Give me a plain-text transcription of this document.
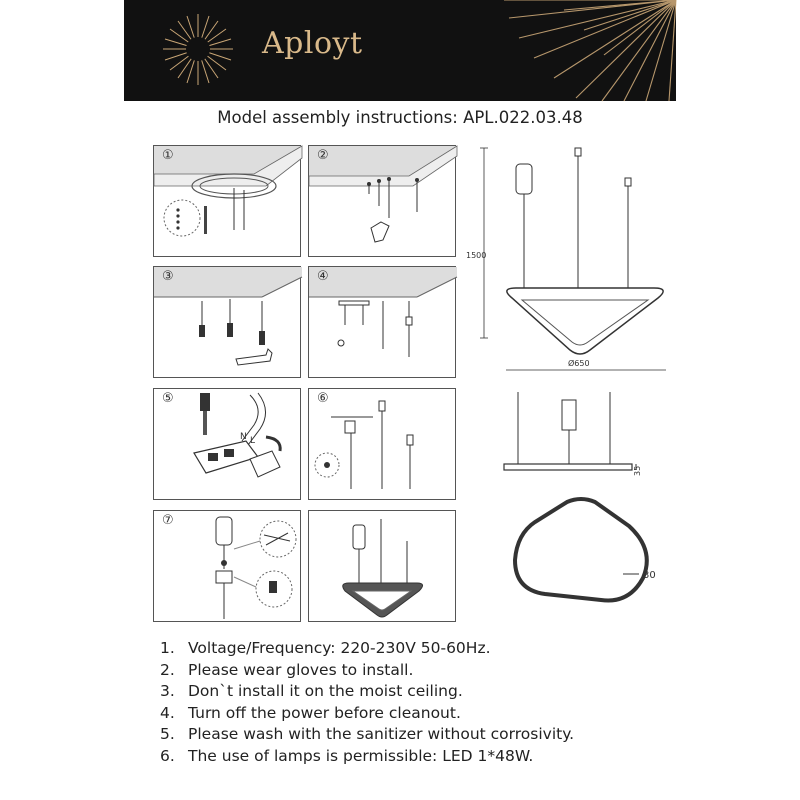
Aployt
Model assembly instructions: APL.022.03.48
①	②
1500
Ø650
③	④
⑤
N L
⑥
35
⑦
30
1. Voltage/Frequency: 220-230V 50-60Hz.
2. Please wear gloves to install.
3. Don`t install it on the moist ceiling.
4. Turn off the power before cleanout.
5. Please wash with the sanitizer without corrosivity.
6. The use of lamps is permissible: LED 1*48W.
